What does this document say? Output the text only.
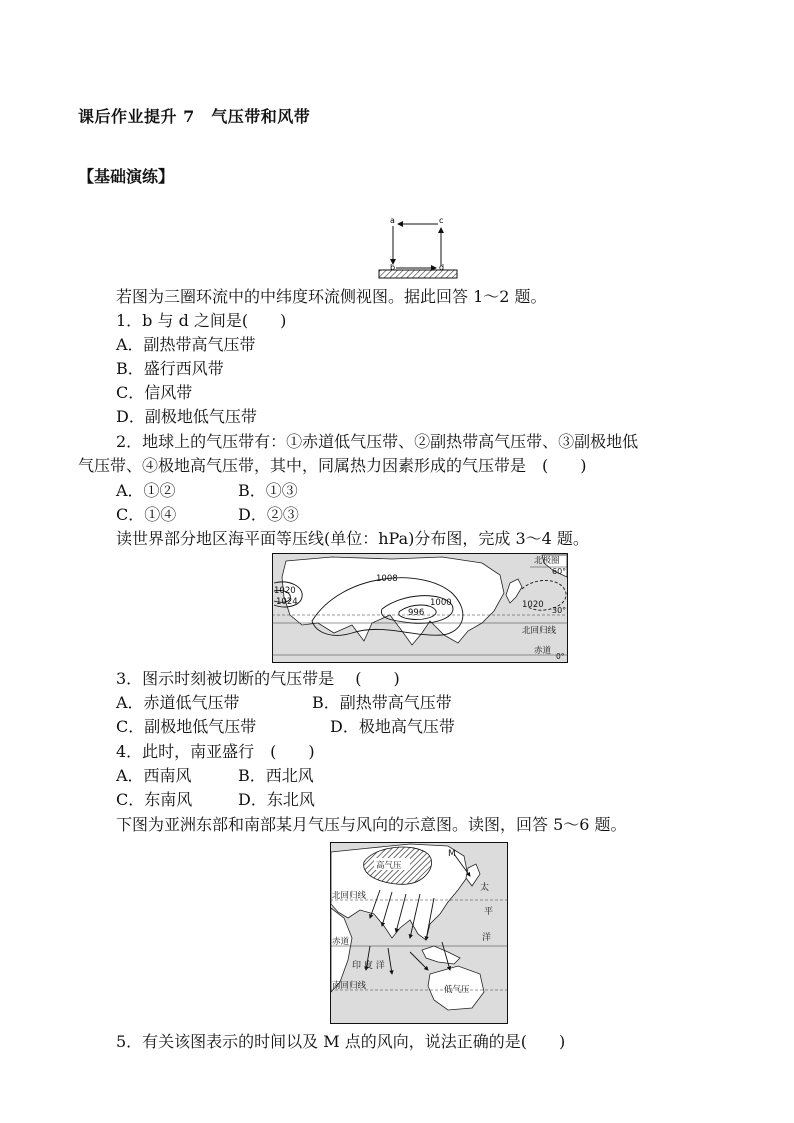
课后作业提升 7　气压带和风带
【基础演练】
a	c
b	d
若图为三圈环流中的中纬度环流侧视图。据此回答 1～2 题。
1．b 与 d 之间是(　　)
A．副热带高气压带
B．盛行西风带
C．信风带
D．副极地低气压带
2．地球上的气压带有：①赤道低气压带、②副热带高气压带、③副极地低
气压带、④极地高气压带，其中，同属热力因素形成的气压带是　(　　)
A．①②	B．①③
C．①④	D．②③
读世界部分地区海平面等压线(单位：hPa)分布图，完成 3～4 题。
北极圈
60°
30°
北回归线
赤道
0°
1008
1020
1024
996
1000	1020
3．图示时刻被切断的气压带是　 (　　)
A．赤道低气压带	B．副热带高气压带
C．副极地低气压带	D．极地高气压带
4．此时，南亚盛行　(　　)
A．西南风	B．西北风
C．东南风	D．东北风
下图为亚洲东部和南部某月气压与风向的示意图。读图，回答 5～6 题。
高气压
M
太
平
洋
北回归线
赤道
印 度 洋
南回归线	低气压
5．有关该图表示的时间以及 M 点的风向，说法正确的是(　　)
